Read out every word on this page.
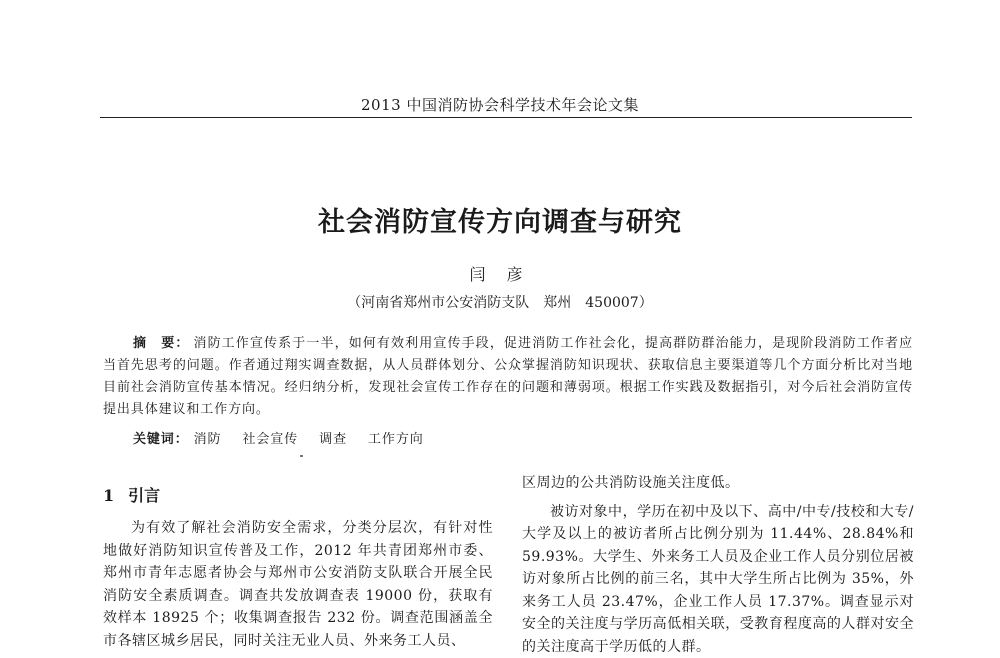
2013 中国消防协会科学技术年会论文集
社会消防宣传方向调查与研究
闫 彦
（河南省郑州市公安消防支队　郑州　450007）
摘　要： 消防工作宣传系于一半，如何有效利用宣传手段，促进消防工作社会化，提高群防群治能力，是现阶段消防工作者应当首先思考的问题。作者通过翔实调查数据，从人员群体划分、公众掌握消防知识现状、获取信息主要渠道等几个方面分析比对当地目前社会消防宣传基本情况。经归纳分析，发现社会宣传工作存在的问题和薄弱项。根据工作实践及数据指引，对今后社会消防宣传提出具体建议和工作方向。
关键词： 消防 社会宣传 调查 工作方向
1 引言
为有效了解社会消防安全需求，分类分层次，有针对性地做好消防知识宣传普及工作，2012 年共青团郑州市委、郑州市青年志愿者协会与郑州市公安消防支队联合开展全民消防安全素质调查。调查共发放调查表 19000 份，获取有效样本 18925 个；收集调查报告 232 份。调查范围涵盖全市各辖区城乡居民，同时关注无业人员、外来务工人员、
区周边的公共消防设施关注度低。
被访对象中，学历在初中及以下、高中/中专/技校和大专/大学及以上的被访者所占比例分别为 11.44%、28.84%和59.93%。大学生、外来务工人员及企业工作人员分别位居被访对象所占比例的前三名，其中大学生所占比例为 35%，外来务工人员 23.47%，企业工作人员 17.37%。调查显示对安全的关注度与学历高低相关联，受教育程度高的人群对安全的关注度高于学历低的人群。
